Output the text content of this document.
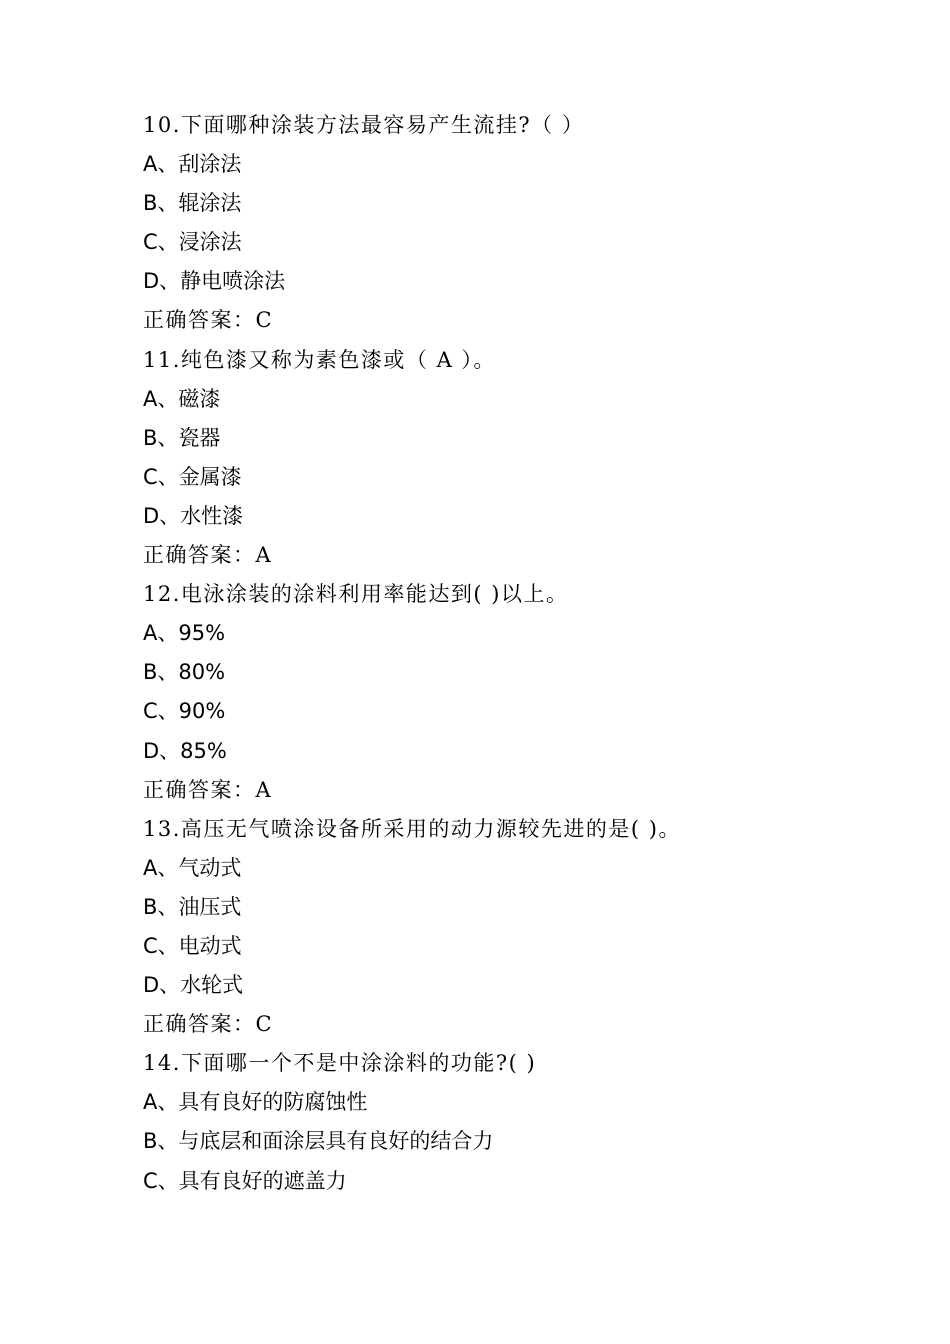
10.下面哪种涂装方法最容易产生流挂?（ ）
A、刮涂法
B、辊涂法
C、浸涂法
D、静电喷涂法
正确答案：C
11.纯色漆又称为素色漆或（ A ）。
A、磁漆
B、瓷器
C、金属漆
D、水性漆
正确答案：A
12.电泳涂装的涂料利用率能达到( )以上。
A、95%
B、80%
C、90%
D、85%
正确答案：A
13.高压无气喷涂设备所采用的动力源较先进的是( )。
A、气动式
B、油压式
C、电动式
D、水轮式
正确答案：C
14.下面哪一个不是中涂涂料的功能?( )
A、具有良好的防腐蚀性
B、与底层和面涂层具有良好的结合力
C、具有良好的遮盖力
